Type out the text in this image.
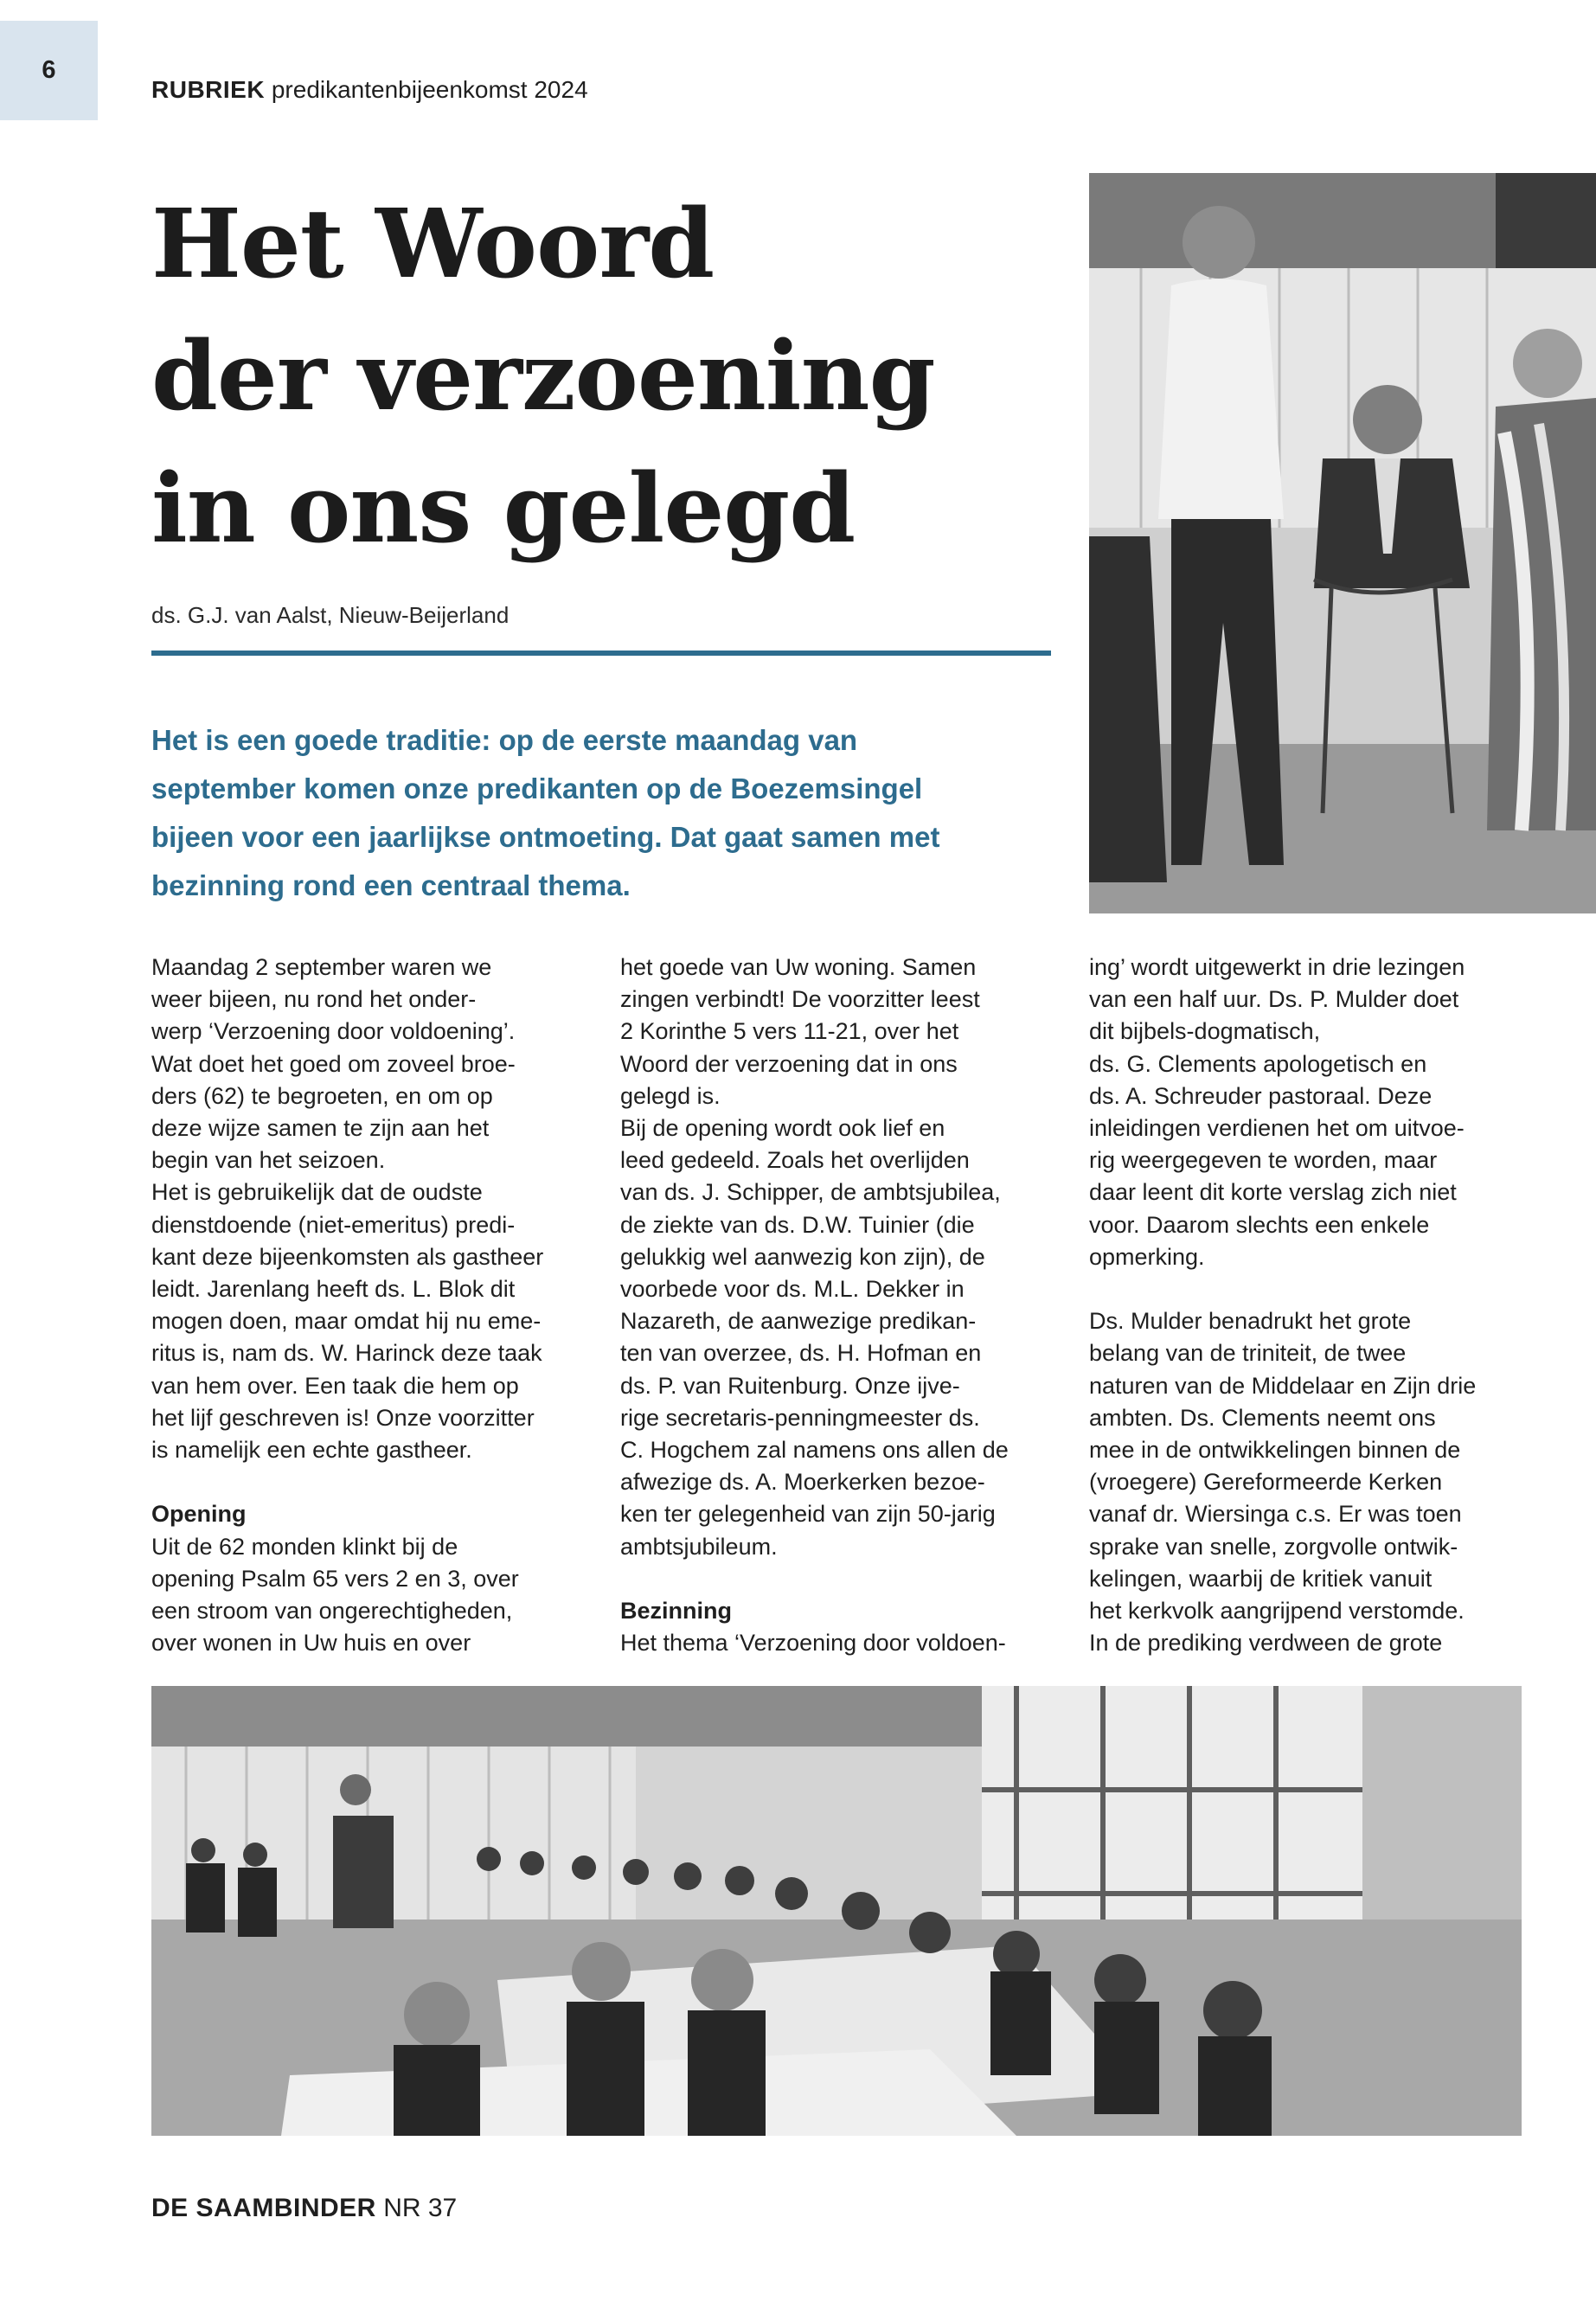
6
RUBRIEK predikantenbijeenkomst 2024
Het Woord
der verzoening
in ons gelegd
ds. G.J. van Aalst, Nieuw-Beijerland

Het is een goede traditie: op de eerste maandag van
september komen onze predikanten op de Boezemsingel
bijeen voor een jaarlijkse ontmoeting. Dat gaat samen met
bezinning rond een centraal thema.

Maandag 2 september waren we
weer bijeen, nu rond het onder-
werp ‘Verzoening door voldoening’.
Wat doet het goed om zoveel broe-
ders (62) te begroeten, en om op
deze wijze samen te zijn aan het
begin van het seizoen.

Het is gebruikelijk dat de oudste
dienstdoende (niet-emeritus) predi-
kant deze bijeenkomsten als gastheer
leidt. Jarenlang heeft ds. L. Blok dit
mogen doen, maar omdat hij nu eme-
ritus is, nam ds. W. Harinck deze taak
van hem over. Een taak die hem op
het lijf geschreven is! Onze voorzitter
is namelijk een echte gastheer.

Opening

Uit de 62 monden klinkt bij de
opening Psalm 65 vers 2 en 3, over
een stroom van ongerechtigheden,
over wonen in Uw huis en over

het goede van Uw woning. Samen
zingen verbindt! De voorzitter leest
2 Korinthe 5 vers 11-21, over het
Woord der verzoening dat in ons
gelegd is.

Bij de opening wordt ook lief en
leed gedeeld. Zoals het overlijden
van ds. J. Schipper, de ambtsjubilea,
de ziekte van ds. D.W. Tuinier (die
gelukkig wel aanwezig kon zijn), de
voorbede voor ds. M.L. Dekker in
Nazareth, de aanwezige predikan-
ten van overzee, ds. H. Hofman en
ds. P. van Ruitenburg. Onze ijve-
rige secretaris-penningmeester ds.
C. Hogchem zal namens ons allen de
afwezige ds. A. Moerkerken bezoe-
ken ter gelegenheid van zijn 50-jarig
ambtsjubileum.

Bezinning

Het thema ‘Verzoening door voldoen-

ing’ wordt uitgewerkt in drie lezingen
van een half uur. Ds. P. Mulder doet
dit bijbels-dogmatisch,
ds. G. Clements apologetisch en
ds. A. Schreuder pastoraal. Deze
inleidingen verdienen het om uitvoe-
rig weergegeven te worden, maar
daar leent dit korte verslag zich niet
voor. Daarom slechts een enkele
opmerking.

Ds. Mulder benadrukt het grote
belang van de triniteit, de twee
naturen van de Middelaar en Zijn drie
ambten. Ds. Clements neemt ons
mee in de ontwikkelingen binnen de
(vroegere) Gereformeerde Kerken
vanaf dr. Wiersinga c.s. Er was toen
sprake van snelle, zorgvolle ontwik-
kelingen, waarbij de kritiek vanuit
het kerkvolk aangrijpend verstomde.
In de prediking verdween de grote

DE SAAMBINDER NR 37
